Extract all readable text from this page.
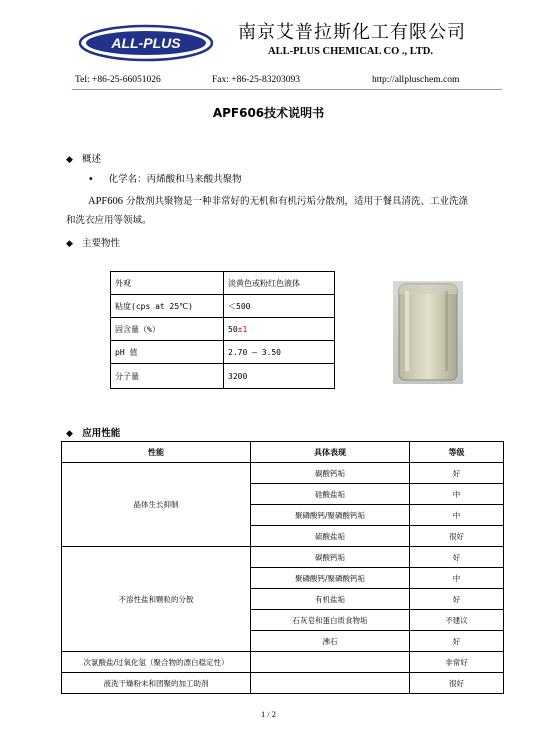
ALL-PLUS	南京艾普拉斯化工有限公司
ALL-PLUS CHEMICAL CO ., LTD.
Tel: +86-25-66051026	Fax: +86-25-83203093	http://allpluschem.com
APF606技术说明书
◆ 概述
• 化学名：丙烯酸和马来酸共聚物
APF606 分散剂共聚物是一种非常好的无机和有机污垢分散剂，适用于餐具清洗、工业洗涤和洗衣应用等领域。
◆ 主要物性
外观	淡黄色或粉红色液体
粘度(cps at 25℃)	＜500
固含量（%）	50±1
pH 值	2.70 – 3.50
分子量	3200
◆ 应用性能
性能	具体表现	等级
晶体生长抑制	碳酸钙垢	好
	硅酸盐垢	中
	聚磷酸钙/聚磷酸钙垢	中
	硫酸盐垢	很好
不溶性盐和颗粒的分散	碳酸钙垢	好
	聚磷酸钙/聚磷酸钙垢	中
	有机盐垢	好
	石灰皂和蛋白质食物垢	不建议
	沸石	好
次氯酸盐/过氧化氢（聚合物的漂白稳定性）		非常好
液洗干燥粉末和团聚的加工助剂		很好
1 / 2
